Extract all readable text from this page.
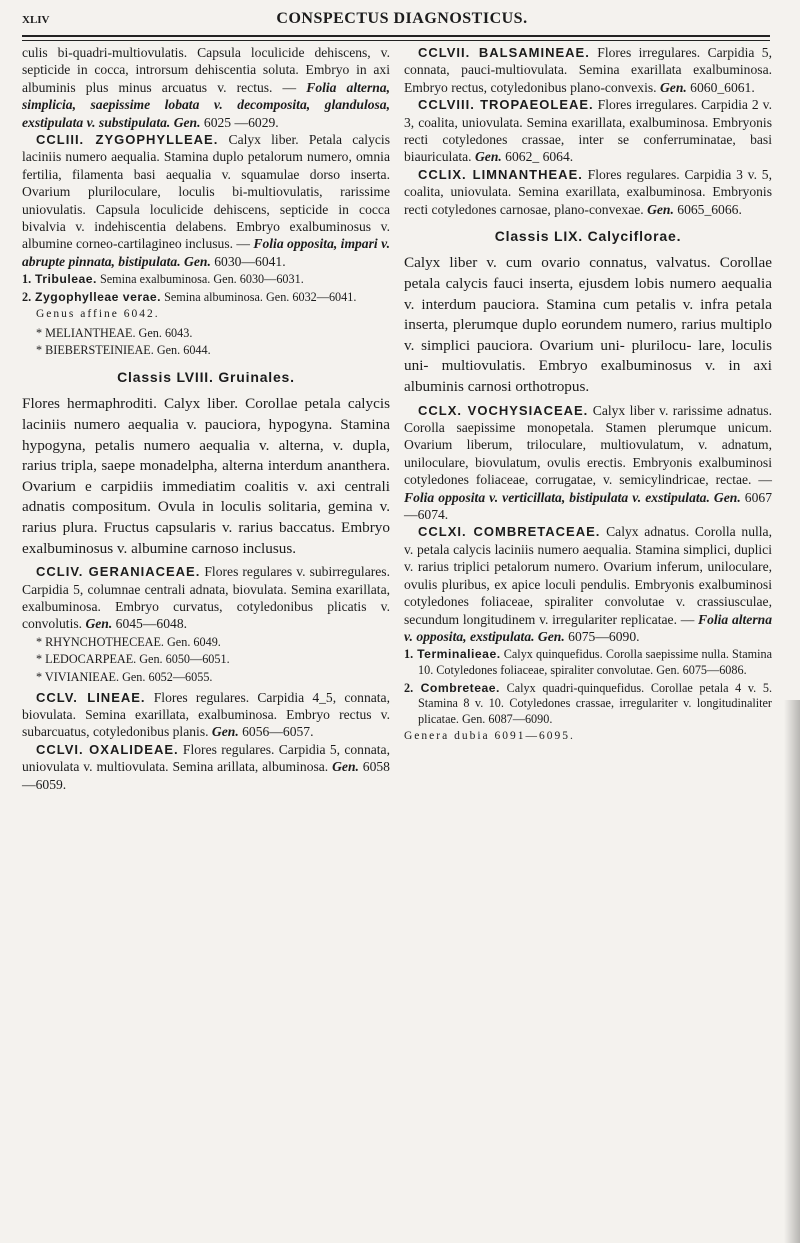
XLIV	CONSPECTUS DIAGNOSTICUS.

culis bi-quadri-multiovulatis. Capsula loculicide dehiscens, v. septicide in cocca, introrsum dehiscentia soluta. Embryo in axi albuminis plus minus arcuatus v. rectus. — Folia alterna, simplicia, saepissime lobata v. decomposita, glandulosa, exstipulata v. substipulata. Gen. 6025 —6029.

CCLIII. ZYGOPHYLLEAE. Calyx liber. Petala calycis laciniis numero aequalia. Stamina duplo petalorum numero, omnia fertilia, filamenta basi aequalia v. squamulae dorso inserta. Ovarium pluriloculare, loculis bi-multiovulatis, rarissime uniovulatis. Capsula loculicide dehiscens, septicide in cocca bivalvia v. indehiscentia delabens. Embryo exalbuminosus v. albumine corneo-cartilagineo inclusus. — Folia opposita, impari v. abrupte pinnata, bistipulata. Gen. 6030—6041.

1. Tribuleae. Semina exalbuminosa. Gen. 6030—6031.

2. Zygophylleae verae. Semina albuminosa. Gen. 6032—6041.

Genus affine 6042.

* MELIANTHEAE. Gen. 6043.

* BIEBERSTEINIEAE. Gen. 6044.

Classis LVIII. Gruinales.

Flores hermaphroditi. Calyx liber. Corollae petala calycis laciniis numero aequalia v. pauciora, hypogyna. Stamina hypogyna, petalis numero aequalia v. alterna, v. dupla, rarius tripla, saepe monadelpha, alterna interdum ananthera. Ovarium e carpidiis immediatim coalitis v. axi centrali adnatis compositum. Ovula in loculis solitaria, gemina v. rarius plura. Fructus capsularis v. rarius baccatus. Embryo exalbuminosus v. albumine carnoso inclusus.

CCLIV. GERANIACEAE. Flores regulares v. subirregulares. Carpidia 5, columnae centrali adnata, biovulata. Semina exarillata, exalbuminosa. Embryo curvatus, cotyledonibus plicatis v. convolutis. Gen. 6045—6048.

* RHYNCHOTHECEAE. Gen. 6049.

* LEDOCARPEAE. Gen. 6050—6051.

* VIVIANIEAE. Gen. 6052—6055.

CCLV. LINEAE. Flores regulares. Carpidia 4_5, connata, biovulata. Semina exarillata, exalbuminosa. Embryo rectus v. subarcuatus, cotyledonibus planis. Gen. 6056—6057.

CCLVI. OXALIDEAE. Flores regulares. Carpidia 5, connata, uniovulata v. multiovulata. Semina arillata, albuminosa. Gen. 6058—6059.

CCLVII. BALSAMINEAE. Flores irregulares. Carpidia 5, connata, pauci-multiovulata. Semina exarillata exalbuminosa. Embryo rectus, cotyledonibus plano-convexis. Gen. 6060_6061.

CCLVIII. TROPAEOLEAE. Flores irregulares. Carpidia 2 v. 3, coalita, uniovulata. Semina exarillata, exalbuminosa. Embryonis recti cotyledones crassae, inter se conferruminatae, basi biauriculata. Gen. 6062_ 6064.

CCLIX. LIMNANTHEAE. Flores regulares. Carpidia 3 v. 5, coalita, uniovulata. Semina exarillata, exalbuminosa. Embryonis recti cotyledones carnosae, plano-convexae. Gen. 6065_6066.

Classis LIX. Calyciflorae.

Calyx liber v. cum ovario connatus, valvatus. Corollae petala calycis fauci inserta, ejusdem lobis numero aequalia v. interdum pauciora. Stamina cum petalis v. infra petala inserta, plerumque duplo eorundem numero, rarius multiplo v. simplici pauciora. Ovarium uni- plurilocu- lare, loculis uni- multiovulatis. Embryo exalbuminosus v. in axi albuminis carnosi orthotropus.

CCLX. VOCHYSIACEAE. Calyx liber v. rarissime adnatus. Corolla saepissime monopetala. Stamen plerumque unicum. Ovarium liberum, triloculare, multiovulatum, v. adnatum, uniloculare, biovulatum, ovulis erectis. Embryonis exalbuminosi cotyledones foliaceae, corrugatae, v. semicylindricae, rectae. — Folia opposita v. verticillata, bistipulata v. exstipulata. Gen. 6067—6074.

CCLXI. COMBRETACEAE. Calyx adnatus. Corolla nulla, v. petala calycis laciniis numero aequalia. Stamina simplici, duplici v. rarius triplici petalorum numero. Ovarium inferum, uniloculare, ovulis pluribus, ex apice loculi pendulis. Embryonis exalbuminosi cotyledones foliaceae, spiraliter convolutae v. crassiusculae, secundum longitudinem v. irregulariter replicatae. — Folia alterna v. opposita, exstipulata. Gen. 6075—6090.

1. Terminalieae. Calyx quinquefidus. Corolla saepissime nulla. Stamina 10. Cotyledones foliaceae, spiraliter convolutae. Gen. 6075—6086.

2. Combreteae. Calyx quadri-quinquefidus. Corollae petala 4 v. 5. Stamina 8 v. 10. Cotyledones crassae, irregulariter v. longitudinaliter plicatae. Gen. 6087—6090.

Genera dubia 6091—6095.
